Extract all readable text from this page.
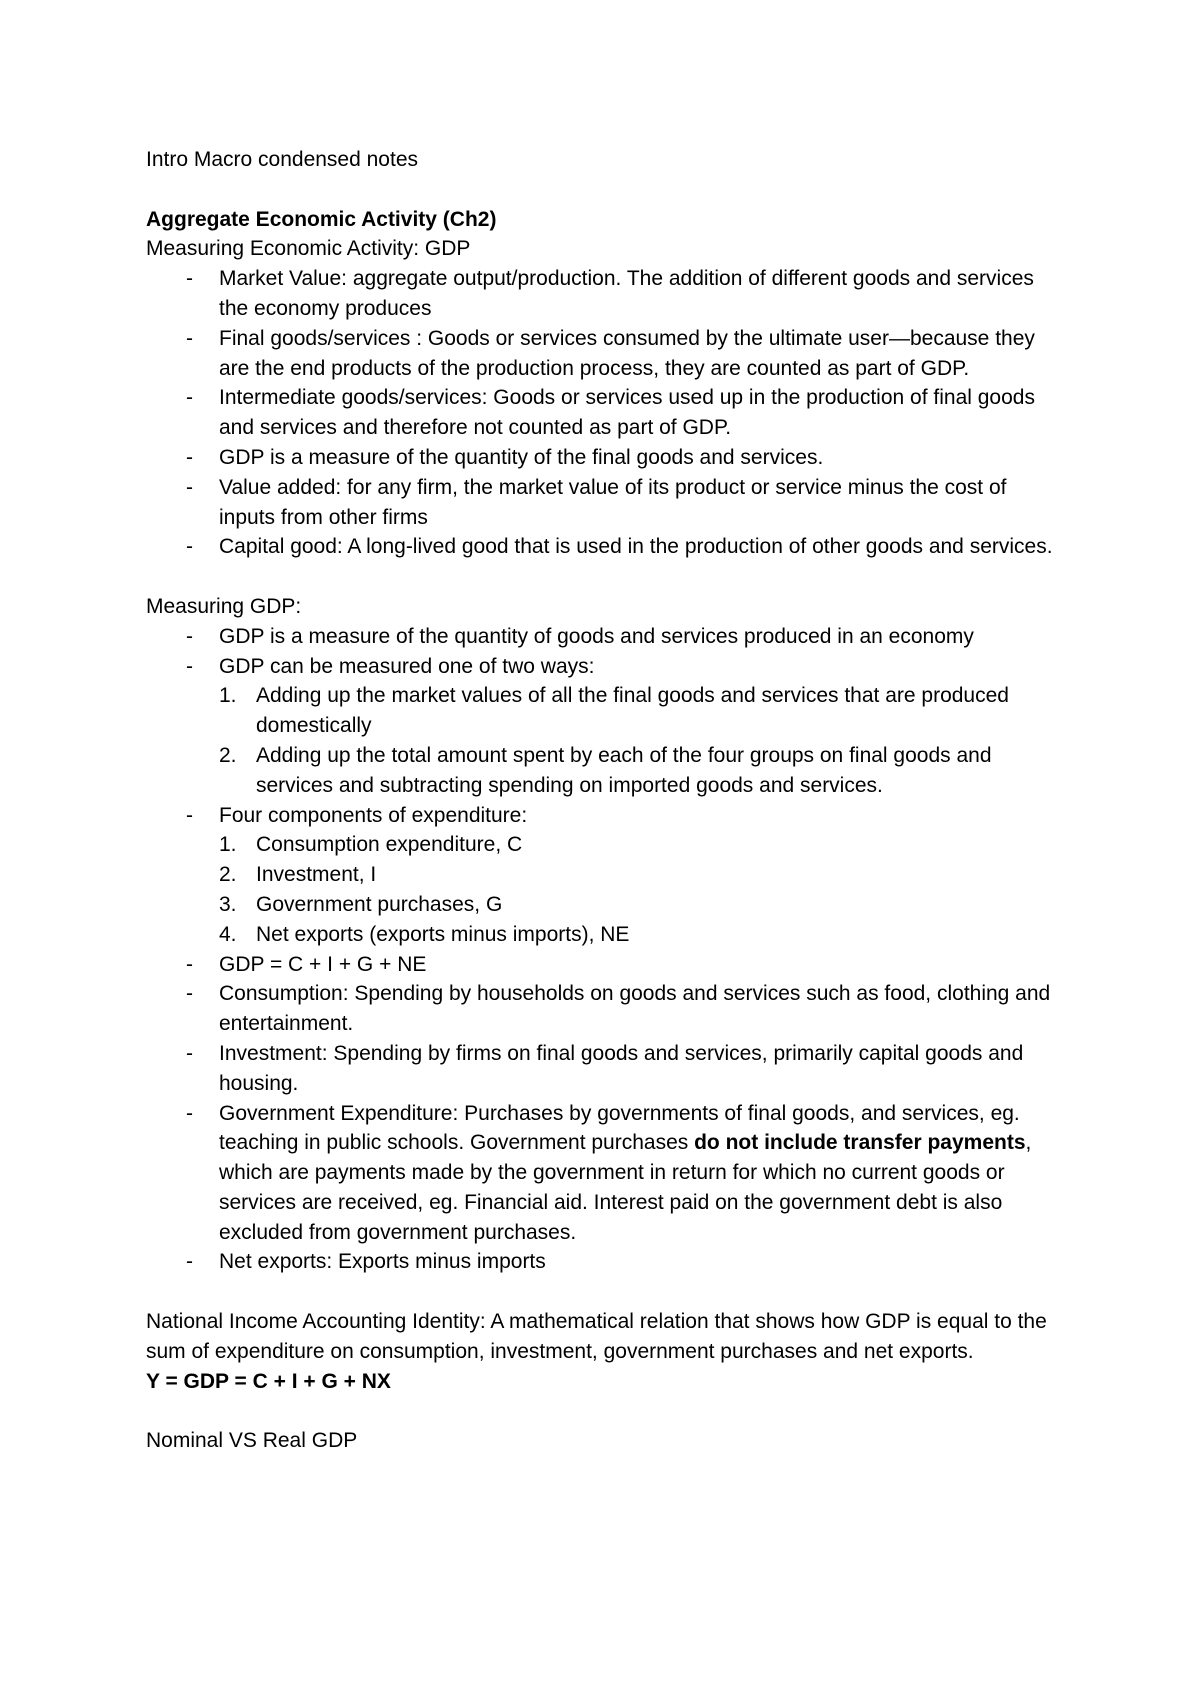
Intro Macro condensed notes

Aggregate Economic Activity (Ch2)

Measuring Economic Activity: GDP

- Market Value: aggregate output/production. The addition of different goods and services the economy produces
- Final goods/services : Goods or services consumed by the ultimate user—because they are the end products of the production process, they are counted as part of GDP.
- Intermediate goods/services: Goods or services used up in the production of final goods and services and therefore not counted as part of GDP.
- GDP is a measure of the quantity of the final goods and services.
- Value added: for any firm, the market value of its product or service minus the cost of inputs from other firms
- Capital good: A long-lived good that is used in the production of other goods and services.

Measuring GDP:

- GDP is a measure of the quantity of goods and services produced in an economy
- GDP can be measured one of two ways:
1. Adding up the market values of all the final goods and services that are produced domestically
2. Adding up the total amount spent by each of the four groups on final goods and services and subtracting spending on imported goods and services.
- Four components of expenditure:
1. Consumption expenditure, C
2. Investment, I
3. Government purchases, G
4. Net exports (exports minus imports), NE
- GDP = C + I + G + NE
- Consumption: Spending by households on goods and services such as food, clothing and entertainment.
- Investment: Spending by firms on final goods and services, primarily capital goods and housing.
- Government Expenditure: Purchases by governments of final goods, and services, eg. teaching in public schools. Government purchases do not include transfer payments, which are payments made by the government in return for which no current goods or services are received, eg. Financial aid. Interest paid on the government debt is also excluded from government purchases.
- Net exports: Exports minus imports

National Income Accounting Identity: A mathematical relation that shows how GDP is equal to the sum of expenditure on consumption, investment, government purchases and net exports.

Y = GDP = C + I + G + NX

Nominal VS Real GDP
